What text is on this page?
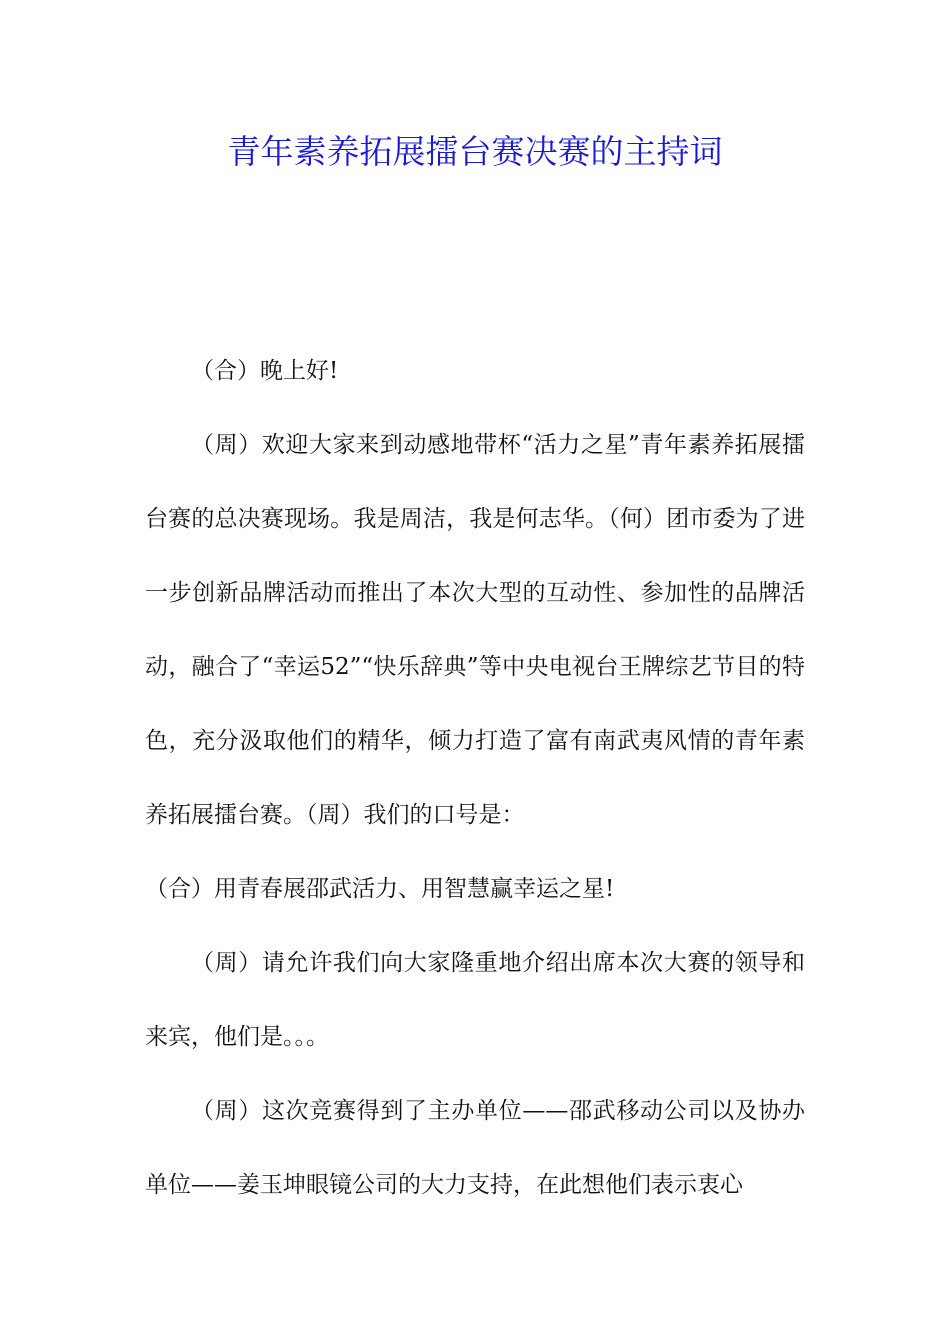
青年素养拓展擂台赛决赛的主持词

（合）晚上好!

（周）欢迎大家来到动感地带杯“活力之星”青年素养拓展擂台赛的总决赛现场。我是周洁，我是何志华。（何）团市委为了进一步创新品牌活动而推出了本次大型的互动性、参加性的品牌活动，融合了“幸运52”“快乐辞典”等中央电视台王牌综艺节目的特色，充分汲取他们的精华，倾力打造了富有南武夷风情的青年素养拓展擂台赛。（周）我们的口号是：

（合）用青春展邵武活力、用智慧赢幸运之星!

（周）请允许我们向大家隆重地介绍出席本次大赛的领导和来宾，他们是。。。

（周）这次竞赛得到了主办单位——邵武移动公司以及协办单位——姜玉坤眼镜公司的大力支持，在此想他们表示衷心
